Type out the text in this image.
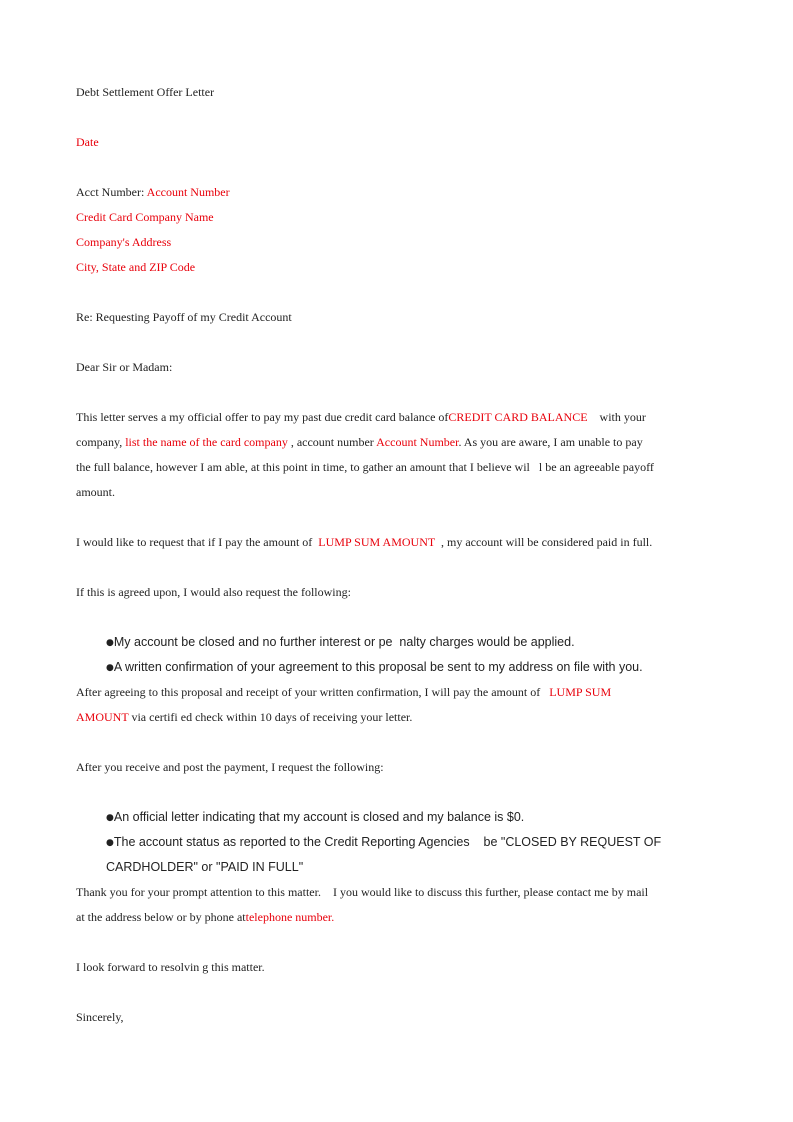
Debt Settlement Offer Letter
Date
Acct Number: Account Number
Credit Card Company Name
Company's Address
City, State and ZIP Code
Re: Requesting Payoff of my Credit Account
Dear Sir or Madam:
This letter serves a my official offer to pay my past due credit card balance ofCREDIT CARD BALANCE    with your
company, list the name of the card company , account number Account Number. As you are aware, I am unable to pay
the full balance, however I am able, at this point in time, to gather an amount that I believe wil   l be an agreeable payoff
amount.
I would like to request that if I pay the amount of  LUMP SUM AMOUNT  , my account will be considered paid in full.
If this is agreed upon, I would also request the following:
●My account be closed and no further interest or pe  nalty charges would be applied.
●A written confirmation of your agreement to this proposal be sent to my address on file with you.
After agreeing to this proposal and receipt of your written confirmation, I will pay the amount of   LUMP SUM
AMOUNT via certifi ed check within 10 days of receiving your letter.
After you receive and post the payment, I request the following:
●An official letter indicating that my account is closed and my balance is $0.
●The account status as reported to the Credit Reporting Agencies    be "CLOSED BY REQUEST OF
CARDHOLDER" or "PAID IN FULL"
Thank you for your prompt attention to this matter.    I you would like to discuss this further, please contact me by mail
at the address below or by phone attelephone number.
I look forward to resolvin g this matter.
Sincerely,
